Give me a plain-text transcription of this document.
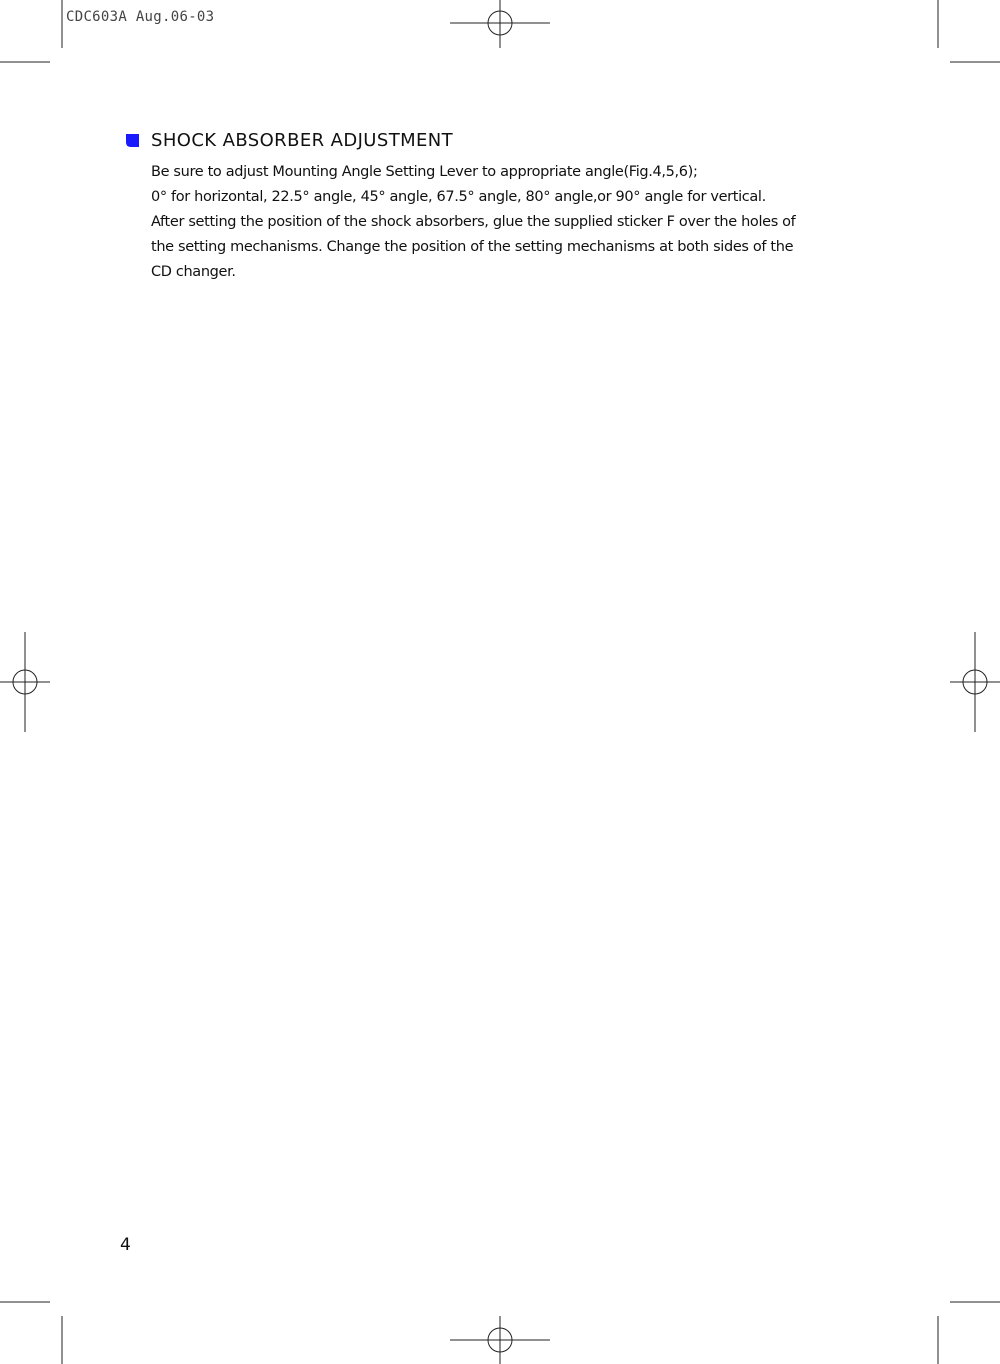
CDC603A Aug.06-03
SHOCK ABSORBER ADJUSTMENT
Be sure to adjust Mounting Angle Setting Lever to appropriate angle(Fig.4,5,6);
0° for horizontal, 22.5° angle, 45° angle, 67.5° angle, 80° angle,or 90° angle for vertical.
After setting the position of the shock absorbers, glue the supplied sticker F over the holes of
the setting mechanisms. Change the position of the setting mechanisms at both sides of the
CD changer.
4
